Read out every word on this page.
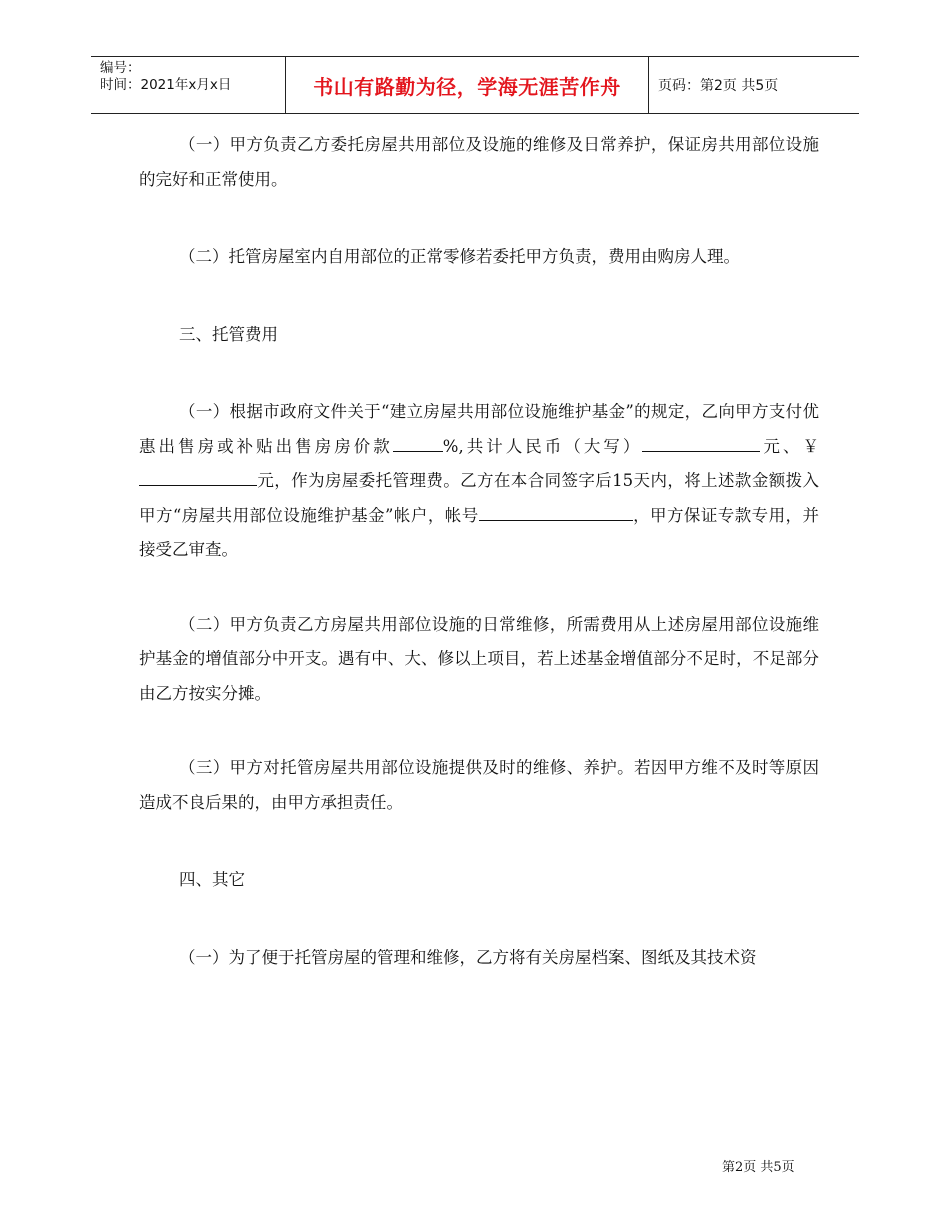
编号：
时间：2021年x月x日	书山有路勤为径，学海无涯苦作舟	页码：第2页 共5页

（一）甲方负责乙方委托房屋共用部位及设施的维修及日常养护，保证房共用部位设施的完好和正常使用。

（二）托管房屋室内自用部位的正常零修若委托甲方负责，费用由购房人理。

三、托管费用

（一）根据市政府文件关于“建立房屋共用部位设施维护基金”的规定，乙向甲方支付优惠出售房或补贴出售房房价款	%,共计人民币（大写）	元、￥元，作为房屋委托管理费。乙方在本合同签字后15天内，将上述款金额拨入甲方“房屋共用部位设施维护基金”帐户，帐号	，甲方保证专款专用，并接受乙审查。

（二）甲方负责乙方房屋共用部位设施的日常维修，所需费用从上述房屋用部位设施维护基金的增值部分中开支。遇有中、大、修以上项目，若上述基金增值部分不足时，不足部分由乙方按实分摊。

（三）甲方对托管房屋共用部位设施提供及时的维修、养护。若因甲方维不及时等原因造成不良后果的，由甲方承担责任。

四、其它

（一）为了便于托管房屋的管理和维修，乙方将有关房屋档案、图纸及其技术资

第2页 共5页
